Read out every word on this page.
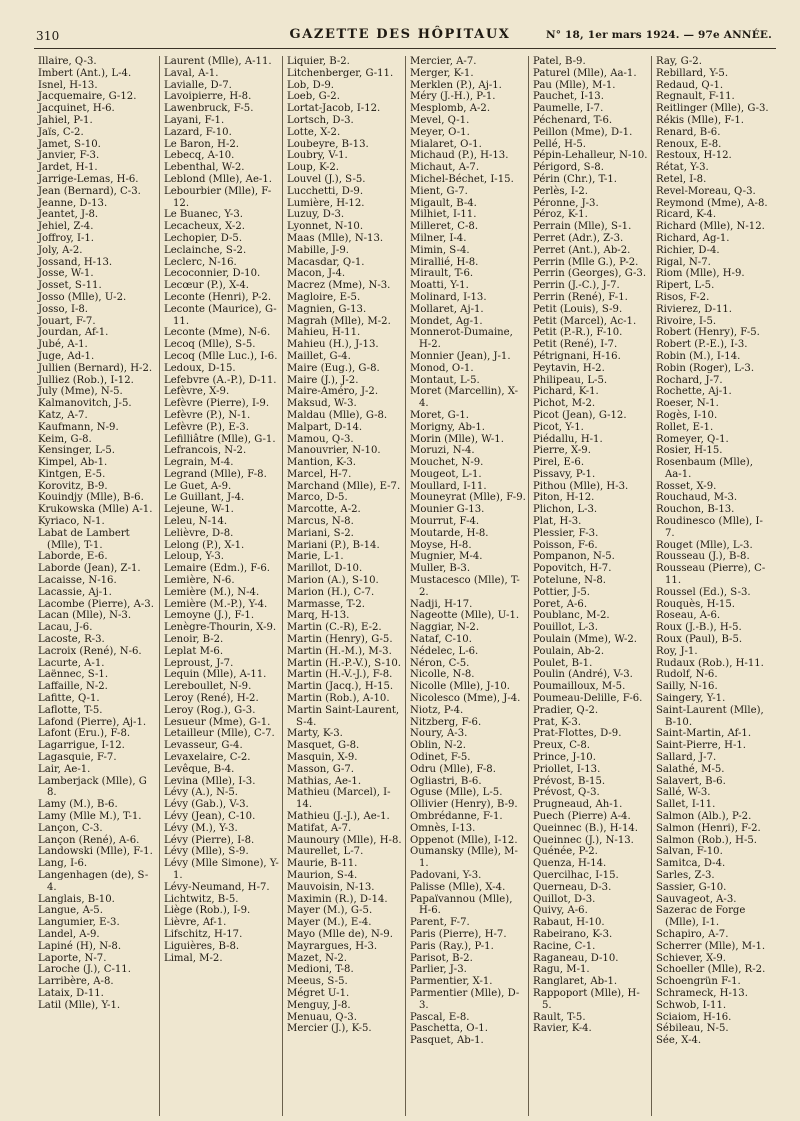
310	GAZETTE DES HÔPITAUX	N° 18, 1er mars 1924. — 97e ANNÉE.
Illaire, Q-3.
Imbert (Ant.), L-4.
Isnel, H-13.
Jacquemaire, G-12.
Jacquinet, H-6.
Jahiel, P-1.
Jaïs, C-2.
Jamet, S-10.
Janvier, F-3.
Jardet, H-1.
Jarrige-Lemas, H-6.
Jean (Bernard), C-3.
Jeanne, D-13.
Jeantet, J-8.
Jehiel, Z-4.
Joffroy, I-1.
Joly, A-2.
Jossand, H-13.
Josse, W-1.
Josset, S-11.
Josso (Mlle), U-2.
Josso, I-8.
Jouart, F-7.
Jourdan, Af-1.
Jubé, A-1.
Juge, Ad-1.
Jullien (Bernard), H-2.
Julliez (Rob.), I-12.
July (Mme), N-5.
Kalmanovitch, J-5.
Katz, A-7.
Kaufmann, N-9.
Keim, G-8.
Kensinger, L-5.
Kimpel, Ab-1.
Kintgen, E-5.
Korovitz, B-9.
Kouindjy (Mlle), B-6.
Krukowska (Mlle) A-1.
Kyriaco, N-1.
Labat de Lambert (Mlle), T-1.
Laborde, E-6.
Laborde (Jean), Z-1.
Lacaisse, N-16.
Lacassie, Aj-1.
Lacombe (Pierre), A-3.
Lacan (Mlle), N-3.
Lacau, J-6.
Lacoste, R-3.
Lacroix (René), N-6.
Lacurte, A-1.
Laënnec, S-1.
Laffaille, N-2.
Lafitte, Q-1.
Laflotte, T-5.
Lafond (Pierre), Aj-1.
Lafont (Eru.), F-8.
Lagarrigue, I-12.
Lagasquie, F-7.
Lair, Ae-1.
Lamberjack (Mlle), G 8.
Lamy (M.), B-6.
Lamy (Mlle M.), T-1.
Lançon, C-3.
Lançon (René), A-6.
Landowski (Mlle), F-1.
Lang, I-6.
Langenhagen (de), S-4.
Langlais, B-10.
Langue, A-5.
Langumier, E-3.
Landel, A-9.
Lapiné (H), N-8.
Laporte, N-7.
Laroche (J.), C-11.
Larribère, A-8.
Lataix, D-11.
Latil (Mlle), Y-1.
Laurent (Mlle), A-11.
Laval, A-1.
Lavialle, D-7.
Lavoipierre, H-8.
Lawenbruck, F-5.
Layani, F-1.
Lazard, F-10.
Le Baron, H-2.
Lebecq, A-10.
Lebenthal, W-2.
Leblond (Mlle), Ae-1.
Lebourbier (Mlle), F-12.
Le Buanec, Y-3.
Lecacheux, X-2.
Lechopier, D-5.
Leclainche, S-2.
Leclerc, N-16.
Lecoconnier, D-10.
Lecœur (P.), X-4.
Leconte (Henri), P-2.
Leconte (Maurice), G-11.
Leconte (Mme), N-6.
Lecoq (Mlle), S-5.
Lecoq (Mlle Luc.), I-6.
Ledoux, D-15.
Lefebvre (A.-P.), D-11.
Lefèvre, X-9.
Lefèvre (Pierre), I-9.
Lefèvre (P.), N-1.
Lefèvre (P.), E-3.
Lefilliâtre (Mlle), G-1.
Lefrancois, N-2.
Legrain, M-4.
Legrand (Mlle), F-8.
Le Guet, A-9.
Le Guillant, J-4.
Lejeune, W-1.
Leleu, N-14.
Lelièvre, D-8.
Lelong (P.), X-1.
Leloup, Y-3.
Lemaire (Edm.), F-6.
Lemière, N-6.
Lemière (M.), N-4.
Lemière (M.-P.), Y-4.
Lemoyne (J.), F-1.
Lenègre-Thourin, X-9.
Lenoir, B-2.
Leplat M-6.
Leproust, J-7.
Lequin (Mlle), A-11.
Lereboullet, N-9.
Leroy (René), H-2.
Leroy (Rog.), G-3.
Lesueur (Mme), G-1.
Letailleur (Mlle), C-7.
Levasseur, G-4.
Levaxelaire, C-2.
Levêque, B-4.
Levina (Mlle), I-3.
Lévy (A.), N-5.
Lévy (Gab.), V-3.
Lévy (Jean), C-10.
Lévy (M.), Y-3.
Lévy (Pierre), I-8.
Lévy (Mlle), S-9.
Lévy (Mlle Simone), Y-1.
Lévy-Neumand, H-7.
Lichtwitz, B-5.
Liège (Rob.), I-9.
Lièvre, Af-1.
Lifschitz, H-17.
Liguières, B-8.
Limal, M-2.
Liquier, B-2.
Litchenberger, G-11.
Lob, D-9.
Loeb, G-2.
Lortat-Jacob, I-12.
Lortsch, D-3.
Lotte, X-2.
Loubeyre, B-13.
Loubry, V-1.
Loup, K-2.
Louvel (J.), S-5.
Lucchetti, D-9.
Lumière, H-12.
Luzuy, D-3.
Lyonnet, N-10.
Maas (Mlle), N-13.
Mabille, J-9.
Macasdar, Q-1.
Macon, J-4.
Macrez (Mme), N-3.
Magloire, E-5.
Magnien, G-13.
Magrah (Mlle), M-2.
Mahieu, H-11.
Mahieu (H.), J-13.
Maillet, G-4.
Maire (Eug.), G-8.
Maire (J.), J-2.
Maire-Améro, J-2.
Maksud, W-3.
Maldau (Mlle), G-8.
Malpart, D-14.
Mamou, Q-3.
Manouvrier, N-10.
Mantion, K-3.
Marcel, H-7.
Marchand (Mlle), E-7.
Marco, D-5.
Marcotte, A-2.
Marcus, N-8.
Mariani, S-2.
Mariani (P.), B-14.
Marie, L-1.
Marillot, D-10.
Marion (A.), S-10.
Marion (H.), C-7.
Marmasse, T-2.
Marq, H-13.
Martin (C.-R), E-2.
Martin (Henry), G-5.
Martin (H.-M.), M-3.
Martin (H.-P.-V.), S-10.
Martin (H.-V.-J.), F-8.
Martin (Jacq.), H-15.
Martin (Rob.), A-10.
Martin Saint-Laurent, S-4.
Marty, K-3.
Masquet, G-8.
Masquin, X-9.
Masson, G-7.
Mathias, Ae-1.
Mathieu (Marcel), I-14.
Mathieu (J.-J.), Ae-1.
Matifat, A-7.
Maunoury (Mlle), H-8.
Maurellet, L-7.
Maurie, B-11.
Maurion, S-4.
Mauvoisin, N-13.
Maximin (R.), D-14.
Mayer (M.), G-5.
Mayer (M.), E-4.
Mayo (Mlle de), N-9.
Mayrargues, H-3.
Mazet, N-2.
Medioni, T-8.
Meeus, S-5.
Mégret U-1.
Menguy, J-8.
Menuau, Q-3.
Mercier (J.), K-5.
Mercier, A-7.
Merger, K-1.
Merklen (P.), Aj-1.
Méry (J.-H.), P-1.
Mesplomb, A-2.
Mevel, Q-1.
Meyer, O-1.
Mialaret, O-1.
Michaud (P.), H-13.
Michaut, A-7.
Michel-Béchet, I-15.
Mient, G-7.
Migault, B-4.
Milhiet, I-11.
Milleret, C-8.
Milner, I-4.
Mimin, S-4.
Mirallié, H-8.
Mirault, T-6.
Moatti, Y-1.
Molinard, I-13.
Mollaret, Aj-1.
Mondet, Ag-1.
Monnerot-Dumaine, H-2.
Monnier (Jean), J-1.
Monod, O-1.
Montaut, L-5.
Moret (Marcellin), X-4.
Moret, G-1.
Morigny, Ab-1.
Morin (Mlle), W-1.
Moruzi, N-4.
Mouchet, N-9.
Mougeot, L-1.
Moullard, I-11.
Mouneyrat (Mlle), F-9.
Mounier G-13.
Mourrut, F-4.
Moutarde, H-8.
Moyse, H-8.
Mugnier, M-4.
Muller, B-3.
Mustacesco (Mlle), T-2.
Nadji, H-17.
Nageotte (Mlle), U-1.
Naggiar, N-2.
Nataf, C-10.
Nédelec, L-6.
Néron, C-5.
Nicolle, N-8.
Nicolle (Mlle), J-10.
Nicolesco (Mme), J-4.
Niotz, P-4.
Nitzberg, F-6.
Noury, A-3.
Oblin, N-2.
Odinet, F-5.
Odru (Mlle), F-8.
Ogliastri, B-6.
Oguse (Mlle), L-5.
Ollivier (Henry), B-9.
Ombrédanne, F-1.
Omnès, I-13.
Oppenot (Mlle), I-12.
Oumansky (Mlle), M-1.
Padovani, Y-3.
Palisse (Mlle), X-4.
Papaïvannou (Mlle), H-6.
Parent, F-7.
Paris (Pierre), H-7.
Paris (Ray.), P-1.
Parisot, B-2.
Parlier, J-3.
Parmentier, X-1.
Parmentier (Mlle), D-3.
Pascal, E-8.
Paschetta, O-1.
Pasquet, Ab-1.
Patel, B-9.
Paturel (Mlle), Aa-1.
Pau (Mlle), M-1.
Pauchet, I-13.
Paumelle, I-7.
Péchenard, T-6.
Peillon (Mme), D-1.
Pellé, H-5.
Pépin-Lehalleur, N-10.
Périgord, S-8.
Périn (Chr.), T-1.
Perlès, I-2.
Péronne, J-3.
Péroz, K-1.
Perrain (Mlle), S-1.
Perret (Adr.), Z-3.
Perret (Ant.), Ab-2.
Perrin (Mlle G.), P-2.
Perrin (Georges), G-3.
Perrin (J.-C.), J-7.
Perrin (René), F-1.
Petit (Louis), S-9.
Petit (Marcel), Ac-1.
Petit (P.-R.), F-10.
Petit (René), I-7.
Pétrignani, H-16.
Peytavin, H-2.
Philipeau, L-5.
Pichard, K-1.
Pichot, M-2.
Picot (Jean), G-12.
Picot, Y-1.
Piédallu, H-1.
Pierre, X-9.
Pirel, E-6.
Pissavy, P-1.
Pithou (Mlle), H-3.
Piton, H-12.
Plichon, L-3.
Plat, H-3.
Plessier, F-3.
Poisson, F-6.
Pompanon, N-5.
Popovitch, H-7.
Potelune, N-8.
Pottier, J-5.
Poret, A-6.
Poublanc, M-2.
Pouillot, L-3.
Poulain (Mme), W-2.
Poulain, Ab-2.
Poulet, B-1.
Poulin (André), V-3.
Poumailloux, M-5.
Poumeau-Delille, F-6.
Pradier, Q-2.
Prat, K-3.
Prat-Flottes, D-9.
Preux, C-8.
Prince, J-10.
Priollet, I-13.
Prévost, B-15.
Prévost, Q-3.
Prugneaud, Ah-1.
Puech (Pierre) A-4.
Queinnec (B.), H-14.
Queinnec (J.), N-13.
Quénée, P-2.
Quenza, H-14.
Quercilhac, I-15.
Querneau, D-3.
Quillot, D-3.
Quivy, A-6.
Rabaut, H-10.
Rabeirano, K-3.
Racine, C-1.
Raganeau, D-10.
Ragu, M-1.
Ranglaret, Ab-1.
Rappoport (Mlle), H-5.
Rault, T-5.
Ravier, K-4.
Ray, G-2.
Rebillard, Y-5.
Redaud, Q-1.
Regnault, F-11.
Reitlinger (Mlle), G-3.
Rékis (Mlle), F-1.
Renard, B-6.
Renoux, E-8.
Restoux, H-12.
Rétat, Y-3.
Retel, I-8.
Revel-Moreau, Q-3.
Reymond (Mme), A-8.
Ricard, K-4.
Richard (Mlle), N-12.
Richard, Ag-1.
Richier, D-4.
Rigal, N-7.
Riom (Mlle), H-9.
Ripert, L-5.
Risos, F-2.
Rivierez, D-11.
Rivoire, I-5.
Robert (Henry), F-5.
Robert (P.-E.), I-3.
Robin (M.), I-14.
Robin (Roger), L-3.
Rochard, J-7.
Rochette, Aj-1.
Roeser, N-1.
Rogès, I-10.
Rollet, E-1.
Romeyer, Q-1.
Rosier, H-15.
Rosenbaum (Mlle), Aa-1.
Rosset, X-9.
Rouchaud, M-3.
Rouchon, B-13.
Roudinesco (Mlle), I-7.
Rouget (Mlle), L-3.
Rousseau (J.), B-8.
Rousseau (Pierre), C-11.
Roussel (Ed.), S-3.
Rouquès, H-15.
Roseau, A-6.
Roux (J.-B.), H-5.
Roux (Paul), B-5.
Roy, J-1.
Rudaux (Rob.), H-11.
Rudolf, N-6.
Sailly, N-16.
Saingery, Y-1.
Saint-Laurent (Mlle), B-10.
Saint-Martin, Af-1.
Saint-Pierre, H-1.
Sallard, J-7.
Salathé, M-5.
Salavert, B-6.
Sallé, W-3.
Sallet, I-11.
Salmon (Alb.), P-2.
Salmon (Henri), F-2.
Salmon (Rob.), H-5.
Salvan, F-10.
Samitca, D-4.
Sarles, Z-3.
Sassier, G-10.
Sauvageot, A-3.
Sazerac de Forge (Mlle), I-1.
Schapiro, A-7.
Scherrer (Mlle), M-1.
Schiever, X-9.
Schoeller (Mlle), R-2.
Schoengrün F-1.
Schrameck, H-13.
Schwob, I-11.
Sciaiom, H-16.
Sébileau, N-5.
Sée, X-4.
